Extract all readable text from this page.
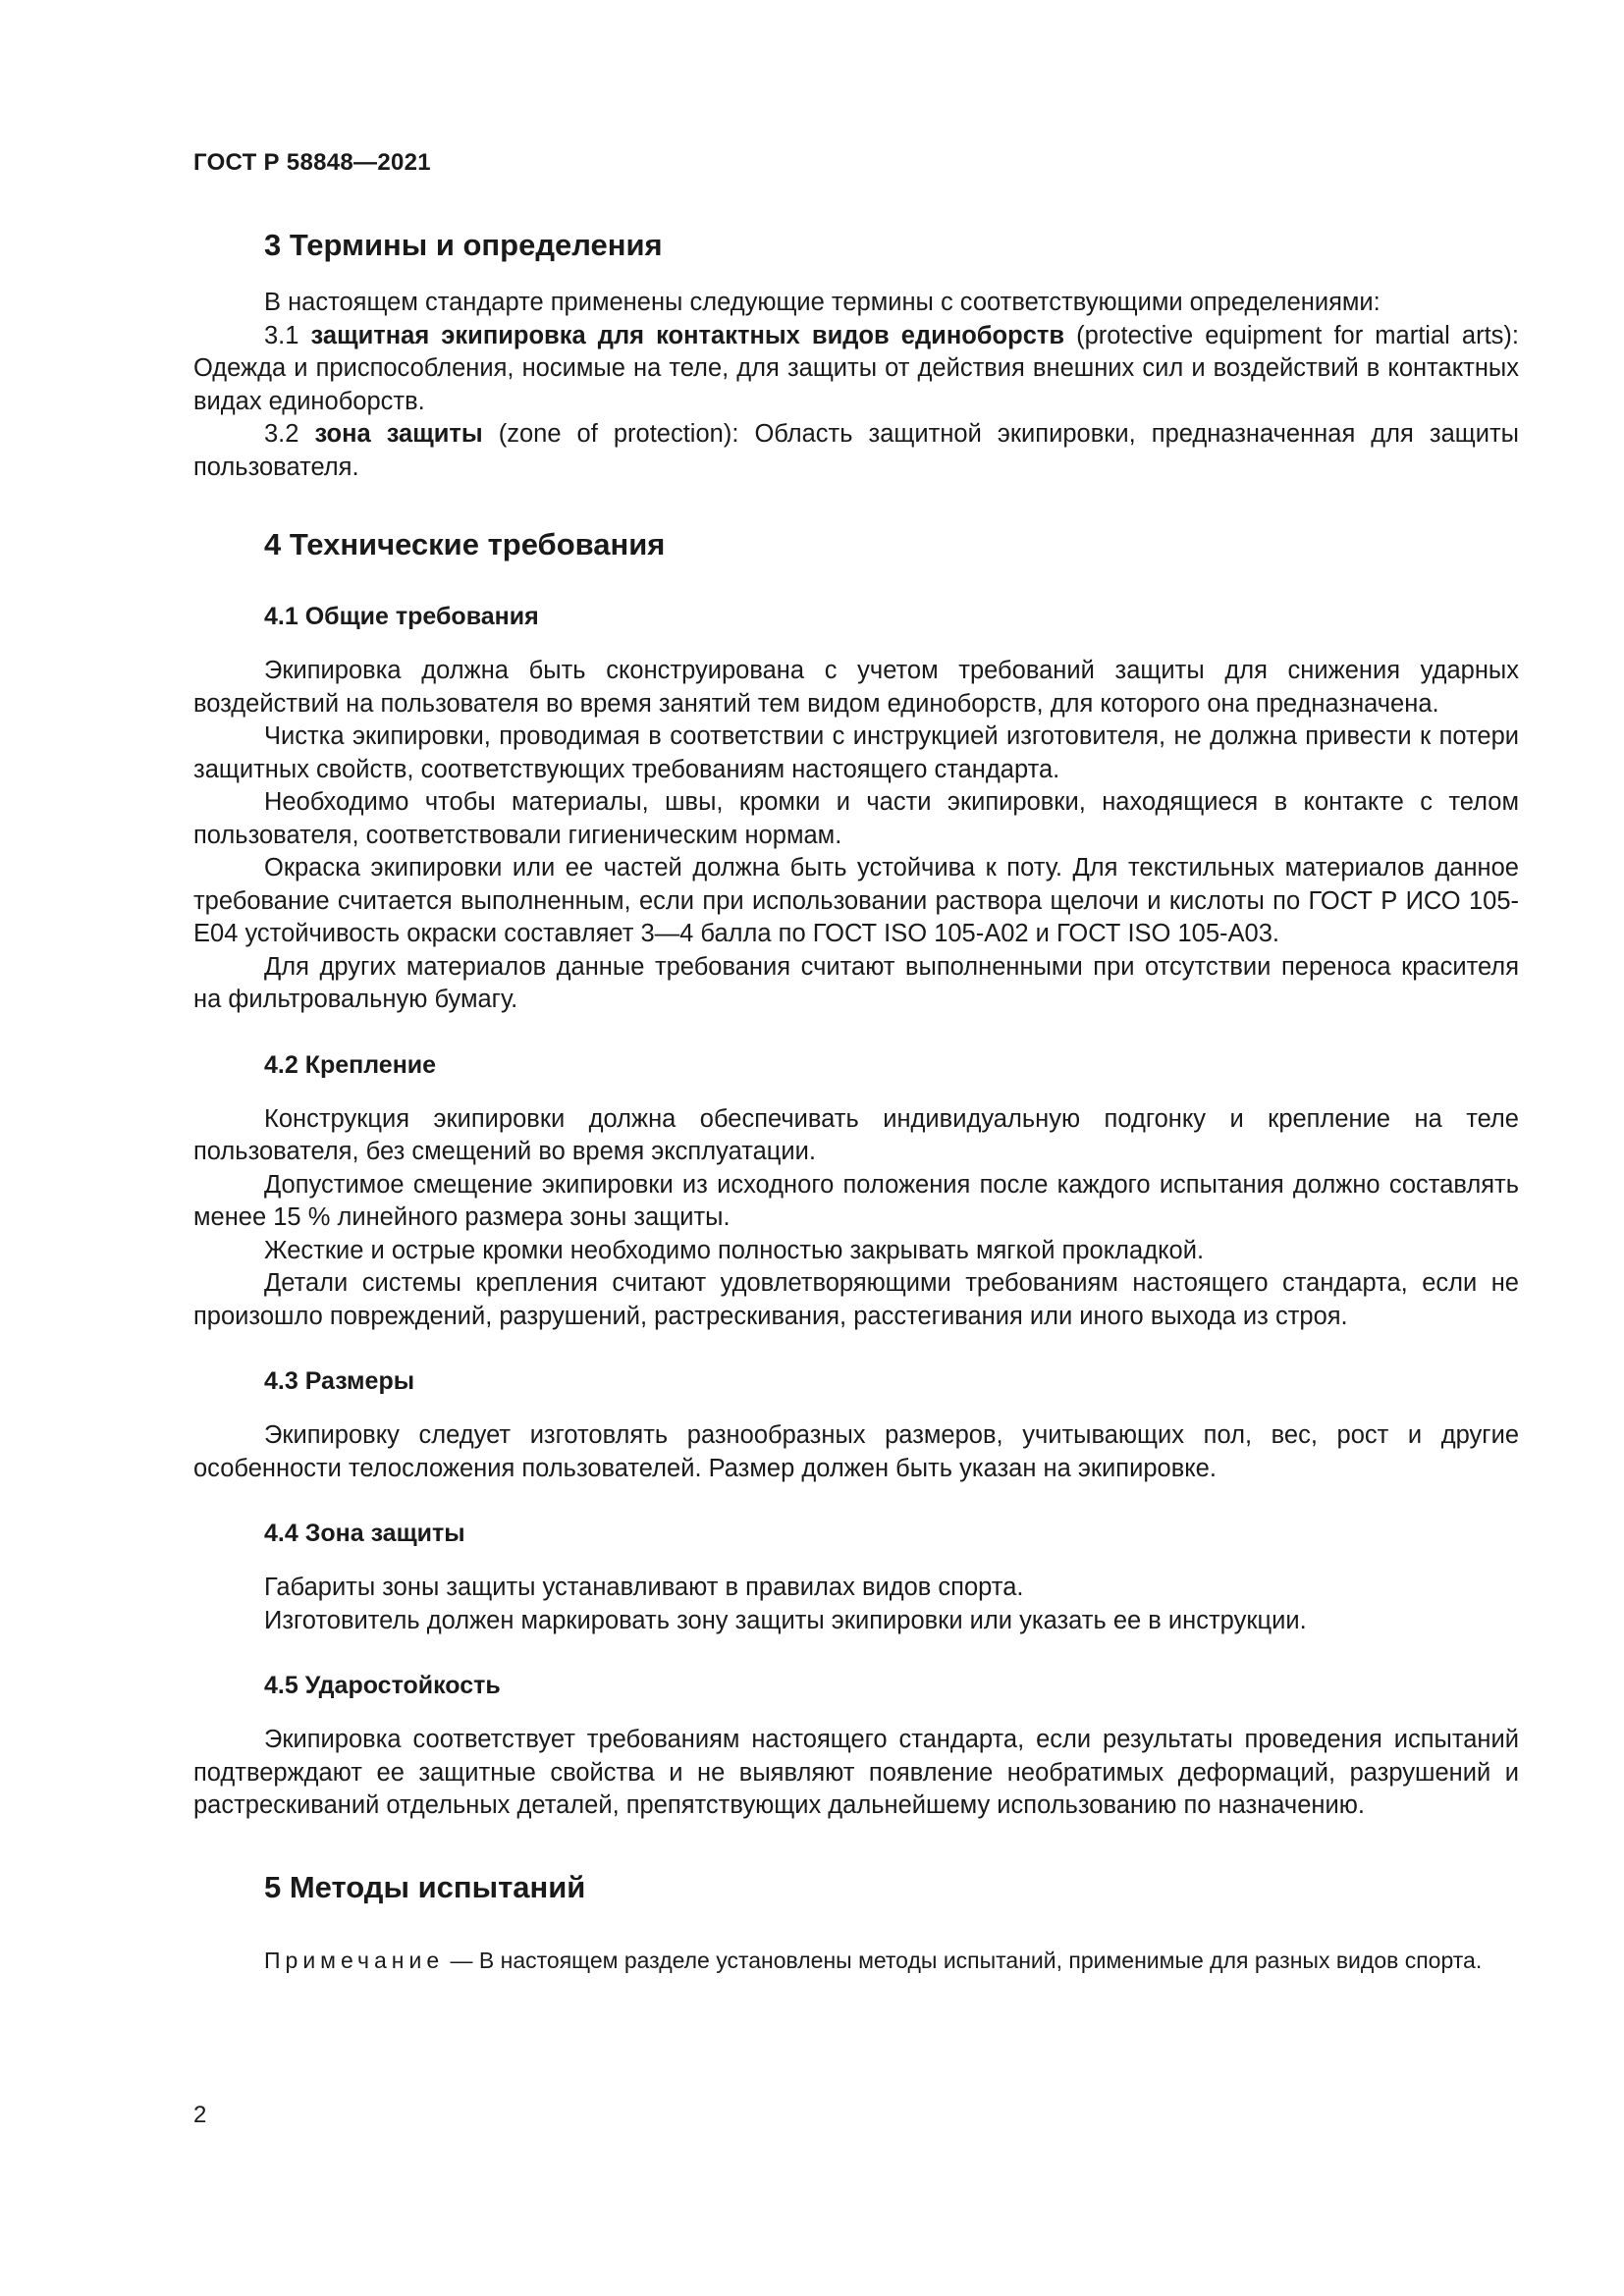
ГОСТ Р 58848—2021
3 Термины и определения

В настоящем стандарте применены следующие термины с соответствующими определениями:

3.1 защитная экипировка для контактных видов единоборств (protective equipment for martial arts): Одежда и приспособления, носимые на теле, для защиты от действия внешних сил и воздействий в контактных видах единоборств.

3.2 зона защиты (zone of protection): Область защитной экипировки, предназначенная для защиты пользователя.

4 Технические требования
4.1 Общие требования

Экипировка должна быть сконструирована с учетом требований защиты для снижения ударных воздействий на пользователя во время занятий тем видом единоборств, для которого она предназначена.

Чистка экипировки, проводимая в соответствии с инструкцией изготовителя, не должна привести к потери защитных свойств, соответствующих требованиям настоящего стандарта.

Необходимо чтобы материалы, швы, кромки и части экипировки, находящиеся в контакте с телом пользователя, соответствовали гигиеническим нормам.

Окраска экипировки или ее частей должна быть устойчива к поту. Для текстильных материалов данное требование считается выполненным, если при использовании раствора щелочи и кислоты по ГОСТ Р ИСО 105-Е04 устойчивость окраски составляет 3—4 балла по ГОСТ ISO 105-A02 и ГОСТ ISO 105-A03.

Для других материалов данные требования считают выполненными при отсутствии переноса красителя на фильтровальную бумагу.

4.2 Крепление

Конструкция экипировки должна обеспечивать индивидуальную подгонку и крепление на теле пользователя, без смещений во время эксплуатации.

Допустимое смещение экипировки из исходного положения после каждого испытания должно составлять менее 15 % линейного размера зоны защиты.

Жесткие и острые кромки необходимо полностью закрывать мягкой прокладкой.

Детали системы крепления считают удовлетворяющими требованиям настоящего стандарта, если не произошло повреждений, разрушений, растрескивания, расстегивания или иного выхода из строя.

4.3 Размеры

Экипировку следует изготовлять разнообразных размеров, учитывающих пол, вес, рост и другие особенности телосложения пользователей. Размер должен быть указан на экипировке.

4.4 Зона защиты

Габариты зоны защиты устанавливают в правилах видов спорта.

Изготовитель должен маркировать зону защиты экипировки или указать ее в инструкции.

4.5 Ударостойкость

Экипировка соответствует требованиям настоящего стандарта, если результаты проведения испытаний подтверждают ее защитные свойства и не выявляют появление необратимых деформаций, разрушений и растрескиваний отдельных деталей, препятствующих дальнейшему использованию по назначению.

5 Методы испытаний
Примечание — В настоящем разделе установлены методы испытаний, применимые для разных видов спорта.
2
